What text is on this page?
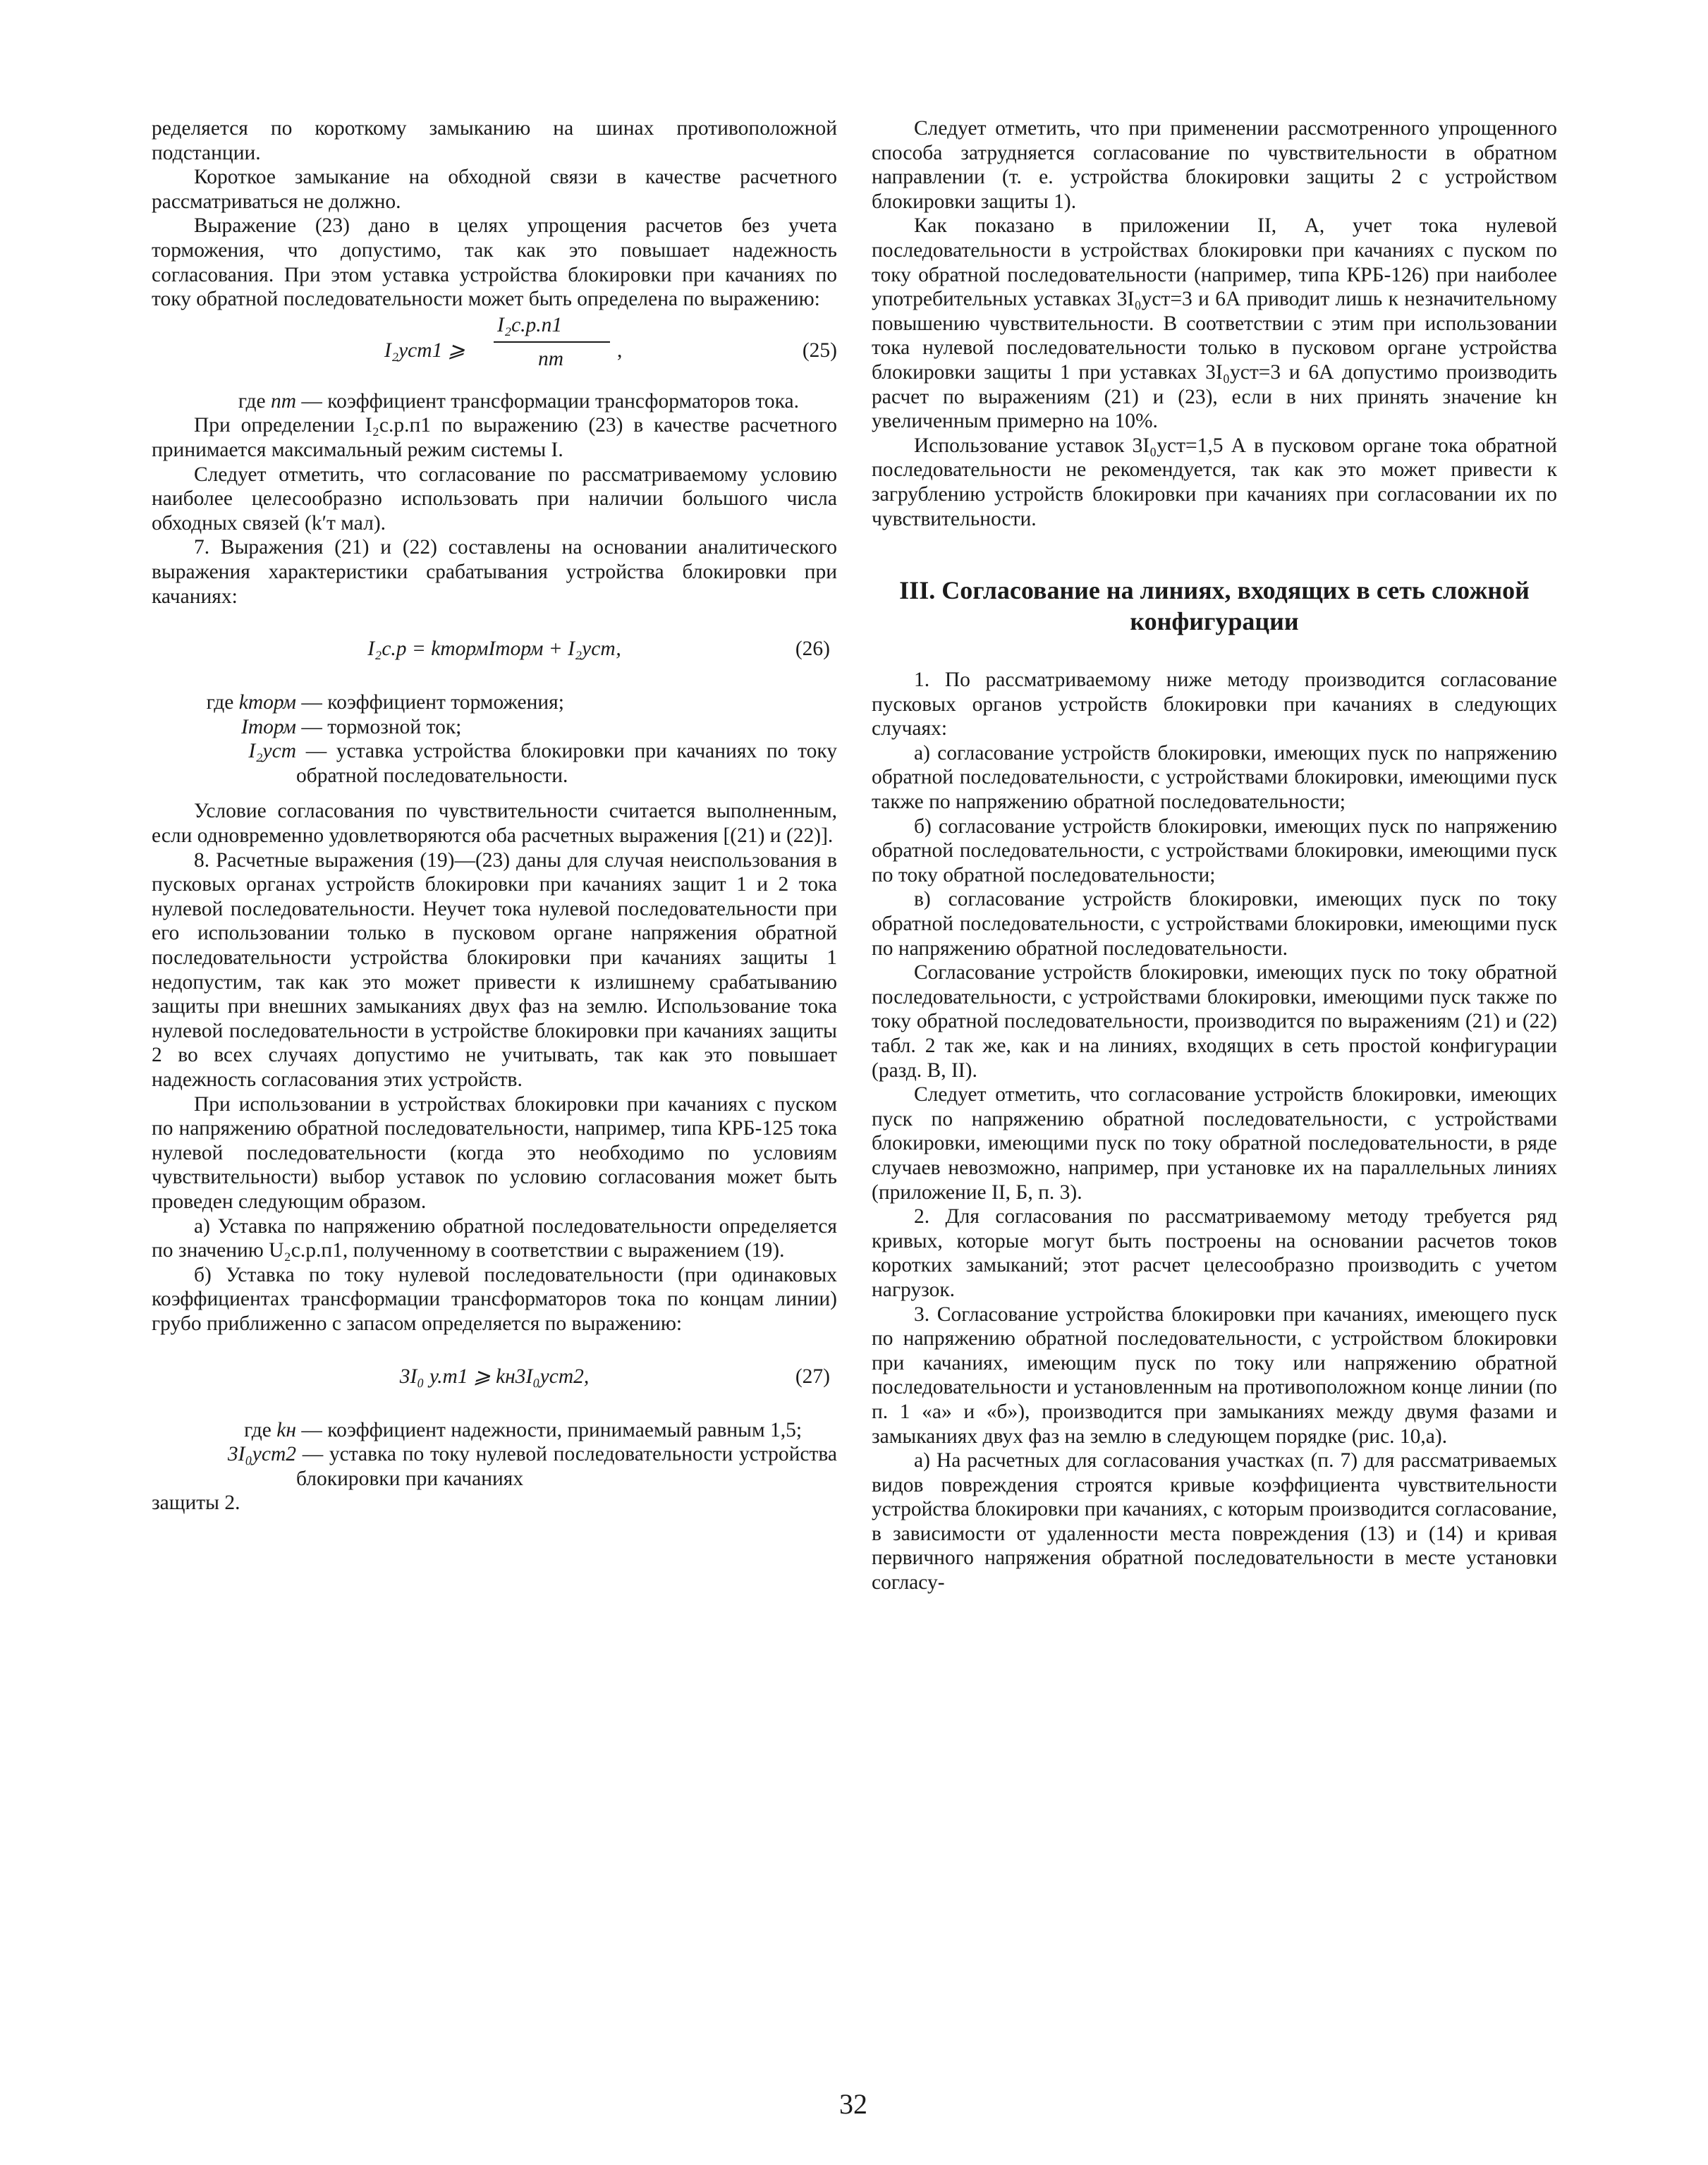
ределяется по короткому замыканию на шинах противоположной подстанции.

Короткое замыкание на обходной связи в качестве расчетного рассматриваться не должно.

Выражение (23) дано в целях упрощения расчетов без учета торможения, что допустимо, так как это повышает надежность согласования. При этом уставка устройства блокировки при качаниях по току обратной последовательности может быть определена по выражению:

I₂уст1 ⩾
I₂с.р.п1
nт	,	(25)

где nт — коэффициент трансформации трансформаторов тока.

При определении I₂с.р.п1 по выражению (23) в качестве расчетного принимается максимальный режим системы I.

Следует отметить, что согласование по рассматриваемому условию наиболее целесообразно использовать при наличии большого числа обходных связей (k′т мал).

7. Выражения (21) и (22) составлены на основании аналитического выражения характеристики срабатывания устройства блокировки при качаниях:

I₂с.р = kтормIторм + I₂уст,	(26)

где kторм — коэффициент торможения;

Iторм — тормозной ток;

I₂уст — уставка устройства блокировки при качаниях по току обратной последовательности.

Условие согласования по чувствительности считается выполненным, если одновременно удовлетворяются оба расчетных выражения [(21) и (22)].

8. Расчетные выражения (19)—(23) даны для случая неиспользования в пусковых органах устройств блокировки при качаниях защит 1 и 2 тока нулевой последовательности. Неучет тока нулевой последовательности при его использовании только в пусковом органе напряжения обратной последовательности устройства блокировки при качаниях защиты 1 недопустим, так как это может привести к излишнему срабатыванию защиты при внешних замыканиях двух фаз на землю. Использование тока нулевой последовательности в устройстве блокировки при качаниях защиты 2 во всех случаях допустимо не учитывать, так как это повышает надежность согласования этих устройств.

При использовании в устройствах блокировки при качаниях с пуском по напряжению обратной последовательности, например, типа КРБ-125 тока нулевой последовательности (когда это необходимо по условиям чувствительности) выбор уставок по условию согласования может быть проведен следующим образом.

а) Уставка по напряжению обратной последовательности определяется по значению U₂с.р.п1, полученному в соответствии с выражением (19).

б) Уставка по току нулевой последовательности (при одинаковых коэффициентах трансформации трансформаторов тока по концам линии) грубо приближенно с запасом определяется по выражению:

3I₀ у.т1 ⩾ kн3I₀уст2,	(27)

где kн — коэффициент надежности, принимаемый равным 1,5;

3I₀уст2 — уставка по току нулевой последовательности устройства блокировки при качаниях

защиты 2.

Следует отметить, что при применении рассмотренного упрощенного способа затрудняется согласование по чувствительности в обратном направлении (т. е. устройства блокировки защиты 2 с устройством блокировки защиты 1).

Как показано в приложении II, А, учет тока нулевой последовательности в устройствах блокировки при качаниях с пуском по току обратной последовательности (например, типа КРБ-126) при наиболее употребительных уставках 3I₀уст=3 и 6А приводит лишь к незначительному повышению чувствительности. В соответствии с этим при использовании тока нулевой последовательности только в пусковом органе устройства блокировки защиты 1 при уставках 3I₀уст=3 и 6А допустимо производить расчет по выражениям (21) и (23), если в них принять значение kн увеличенным примерно на 10%.

Использование уставок 3I₀уст=1,5 А в пусковом органе тока обратной последовательности не рекомендуется, так как это может привести к загрублению устройств блокировки при качаниях при согласовании их по чувствительности.

III. Согласование на линиях, входящих в сеть сложной конфигурации

1. По рассматриваемому ниже методу производится согласование пусковых органов устройств блокировки при качаниях в следующих случаях:

а) согласование устройств блокировки, имеющих пуск по напряжению обратной последовательности, с устройствами блокировки, имеющими пуск также по напряжению обратной последовательности;

б) согласование устройств блокировки, имеющих пуск по напряжению обратной последовательности, с устройствами блокировки, имеющими пуск по току обратной последовательности;

в) согласование устройств блокировки, имеющих пуск по току обратной последовательности, с устройствами блокировки, имеющими пуск по напряжению обратной последовательности.

Согласование устройств блокировки, имеющих пуск по току обратной последовательности, с устройствами блокировки, имеющими пуск также по току обратной последовательности, производится по выражениям (21) и (22) табл. 2 так же, как и на линиях, входящих в сеть простой конфигурации (разд. В, II).

Следует отметить, что согласование устройств блокировки, имеющих пуск по напряжению обратной последовательности, с устройствами блокировки, имеющими пуск по току обратной последовательности, в ряде случаев невозможно, например, при установке их на параллельных линиях (приложение II, Б, п. 3).

2. Для согласования по рассматриваемому методу требуется ряд кривых, которые могут быть построены на основании расчетов токов коротких замыканий; этот расчет целесообразно производить с учетом нагрузок.

3. Согласование устройства блокировки при качаниях, имеющего пуск по напряжению обратной последовательности, с устройством блокировки при качаниях, имеющим пуск по току или напряжению обратной последовательности и установленным на противоположном конце линии (по п. 1 «а» и «б»), производится при замыканиях между двумя фазами и замыканиях двух фаз на землю в следующем порядке (рис. 10,а).

а) На расчетных для согласования участках (п. 7) для рассматриваемых видов повреждения строятся кривые коэффициента чувствительности устройства блокировки при качаниях, с которым производится согласование, в зависимости от удаленности места повреждения (13) и (14) и кривая первичного напряжения обратной последовательности в месте установки согласу-

32
